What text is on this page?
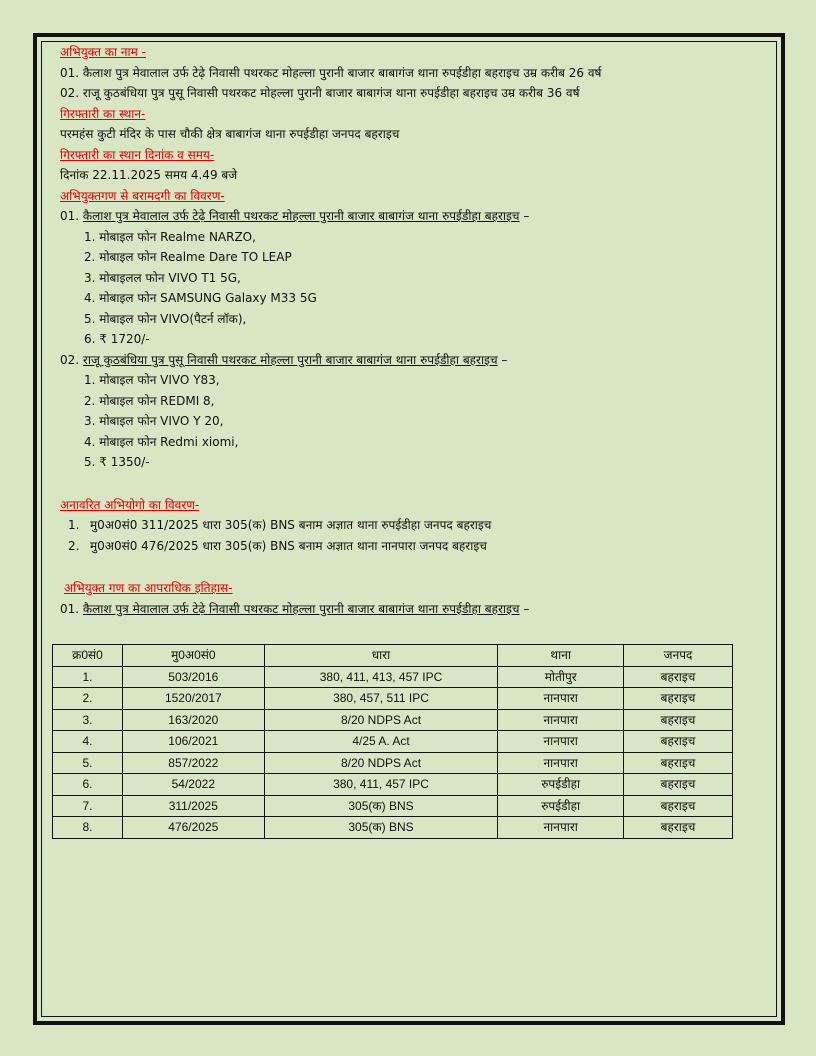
अभियुक्त का नाम -
01. कैलाश पुत्र मेवालाल उर्फ टेढ़े निवासी पथरकट मोहल्ला पुरानी बाजार बाबागंज थाना रुपईडीहा बहराइच उम्र करीब 26 वर्ष
02. राजू कुठबंधिया पुत्र पुसू निवासी पथरकट मोहल्ला पुरानी बाजार बाबागंज थाना रुपईडीहा बहराइच उम्र करीब 36 वर्ष
गिरफ्तारी का स्थान-
परमहंस कुटी मंदिर के पास चौकी क्षेत्र बाबागंज थाना रुपईडीहा जनपद बहराइच
गिरफ्तारी का स्थान दिनांक व समय-
दिनांक 22.11.2025 समय 4.49 बजे
अभियुक्तगण से बरामदगी का विवरण-
01. कैलाश पुत्र मेवालाल उर्फ टेढ़े निवासी पथरकट मोहल्ला पुरानी बाजार बाबागंज थाना रुपईडीहा बहराइच –
1. मोबाइल फोन Realme NARZO,
2. मोबाइल फोन Realme Dare TO LEAP
3. मोबाइलल फोन VIVO T1 5G,
4. मोबाइल फोन SAMSUNG Galaxy M33 5G
5. मोबाइल फोन VIVO(पैटर्न लॉक),
6. ₹ 1720/-
02. राजू कुठबंधिया पुत्र पुसू निवासी पथरकट मोहल्ला पुरानी बाजार बाबागंज थाना रुपईडीहा बहराइच –
1. मोबाइल फोन VIVO Y83,
2. मोबाइल फोन REDMI 8,
3. मोबाइल फोन VIVO Y 20,
4. मोबाइल फोन Redmi xiomi,
5. ₹ 1350/-
अनावरित अभियोगो का विवरण-
1. मु0अ0सं0 311/2025 धारा 305(क) BNS बनाम अज्ञात थाना रुपईडीहा जनपद बहराइच
2. मु0अ0सं0 476/2025 धारा 305(क) BNS बनाम अज्ञात थाना नानपारा जनपद बहराइच
अभियुक्त गण का आपराधिक इतिहास-
01. कैलाश पुत्र मेवालाल उर्फ टेढ़े निवासी पथरकट मोहल्ला पुरानी बाजार बाबागंज थाना रुपईडीहा बहराइच –
क्र0सं0	मु0अ0सं0	धारा	थाना	जनपद
1.	503/2016	380, 411, 413, 457 IPC	मोतीपुर	बहराइच
2.	1520/2017	380, 457, 511 IPC	नानपारा	बहराइच
3.	163/2020	8/20 NDPS Act	नानपारा	बहराइच
4.	106/2021	4/25 A. Act	नानपारा	बहराइच
5.	857/2022	8/20 NDPS Act	नानपारा	बहराइच
6.	54/2022	380, 411, 457 IPC	रुपईडीहा	बहराइच
7.	311/2025	305(क) BNS	रुपईडीहा	बहराइच
8.	476/2025	305(क) BNS	नानपारा	बहराइच
